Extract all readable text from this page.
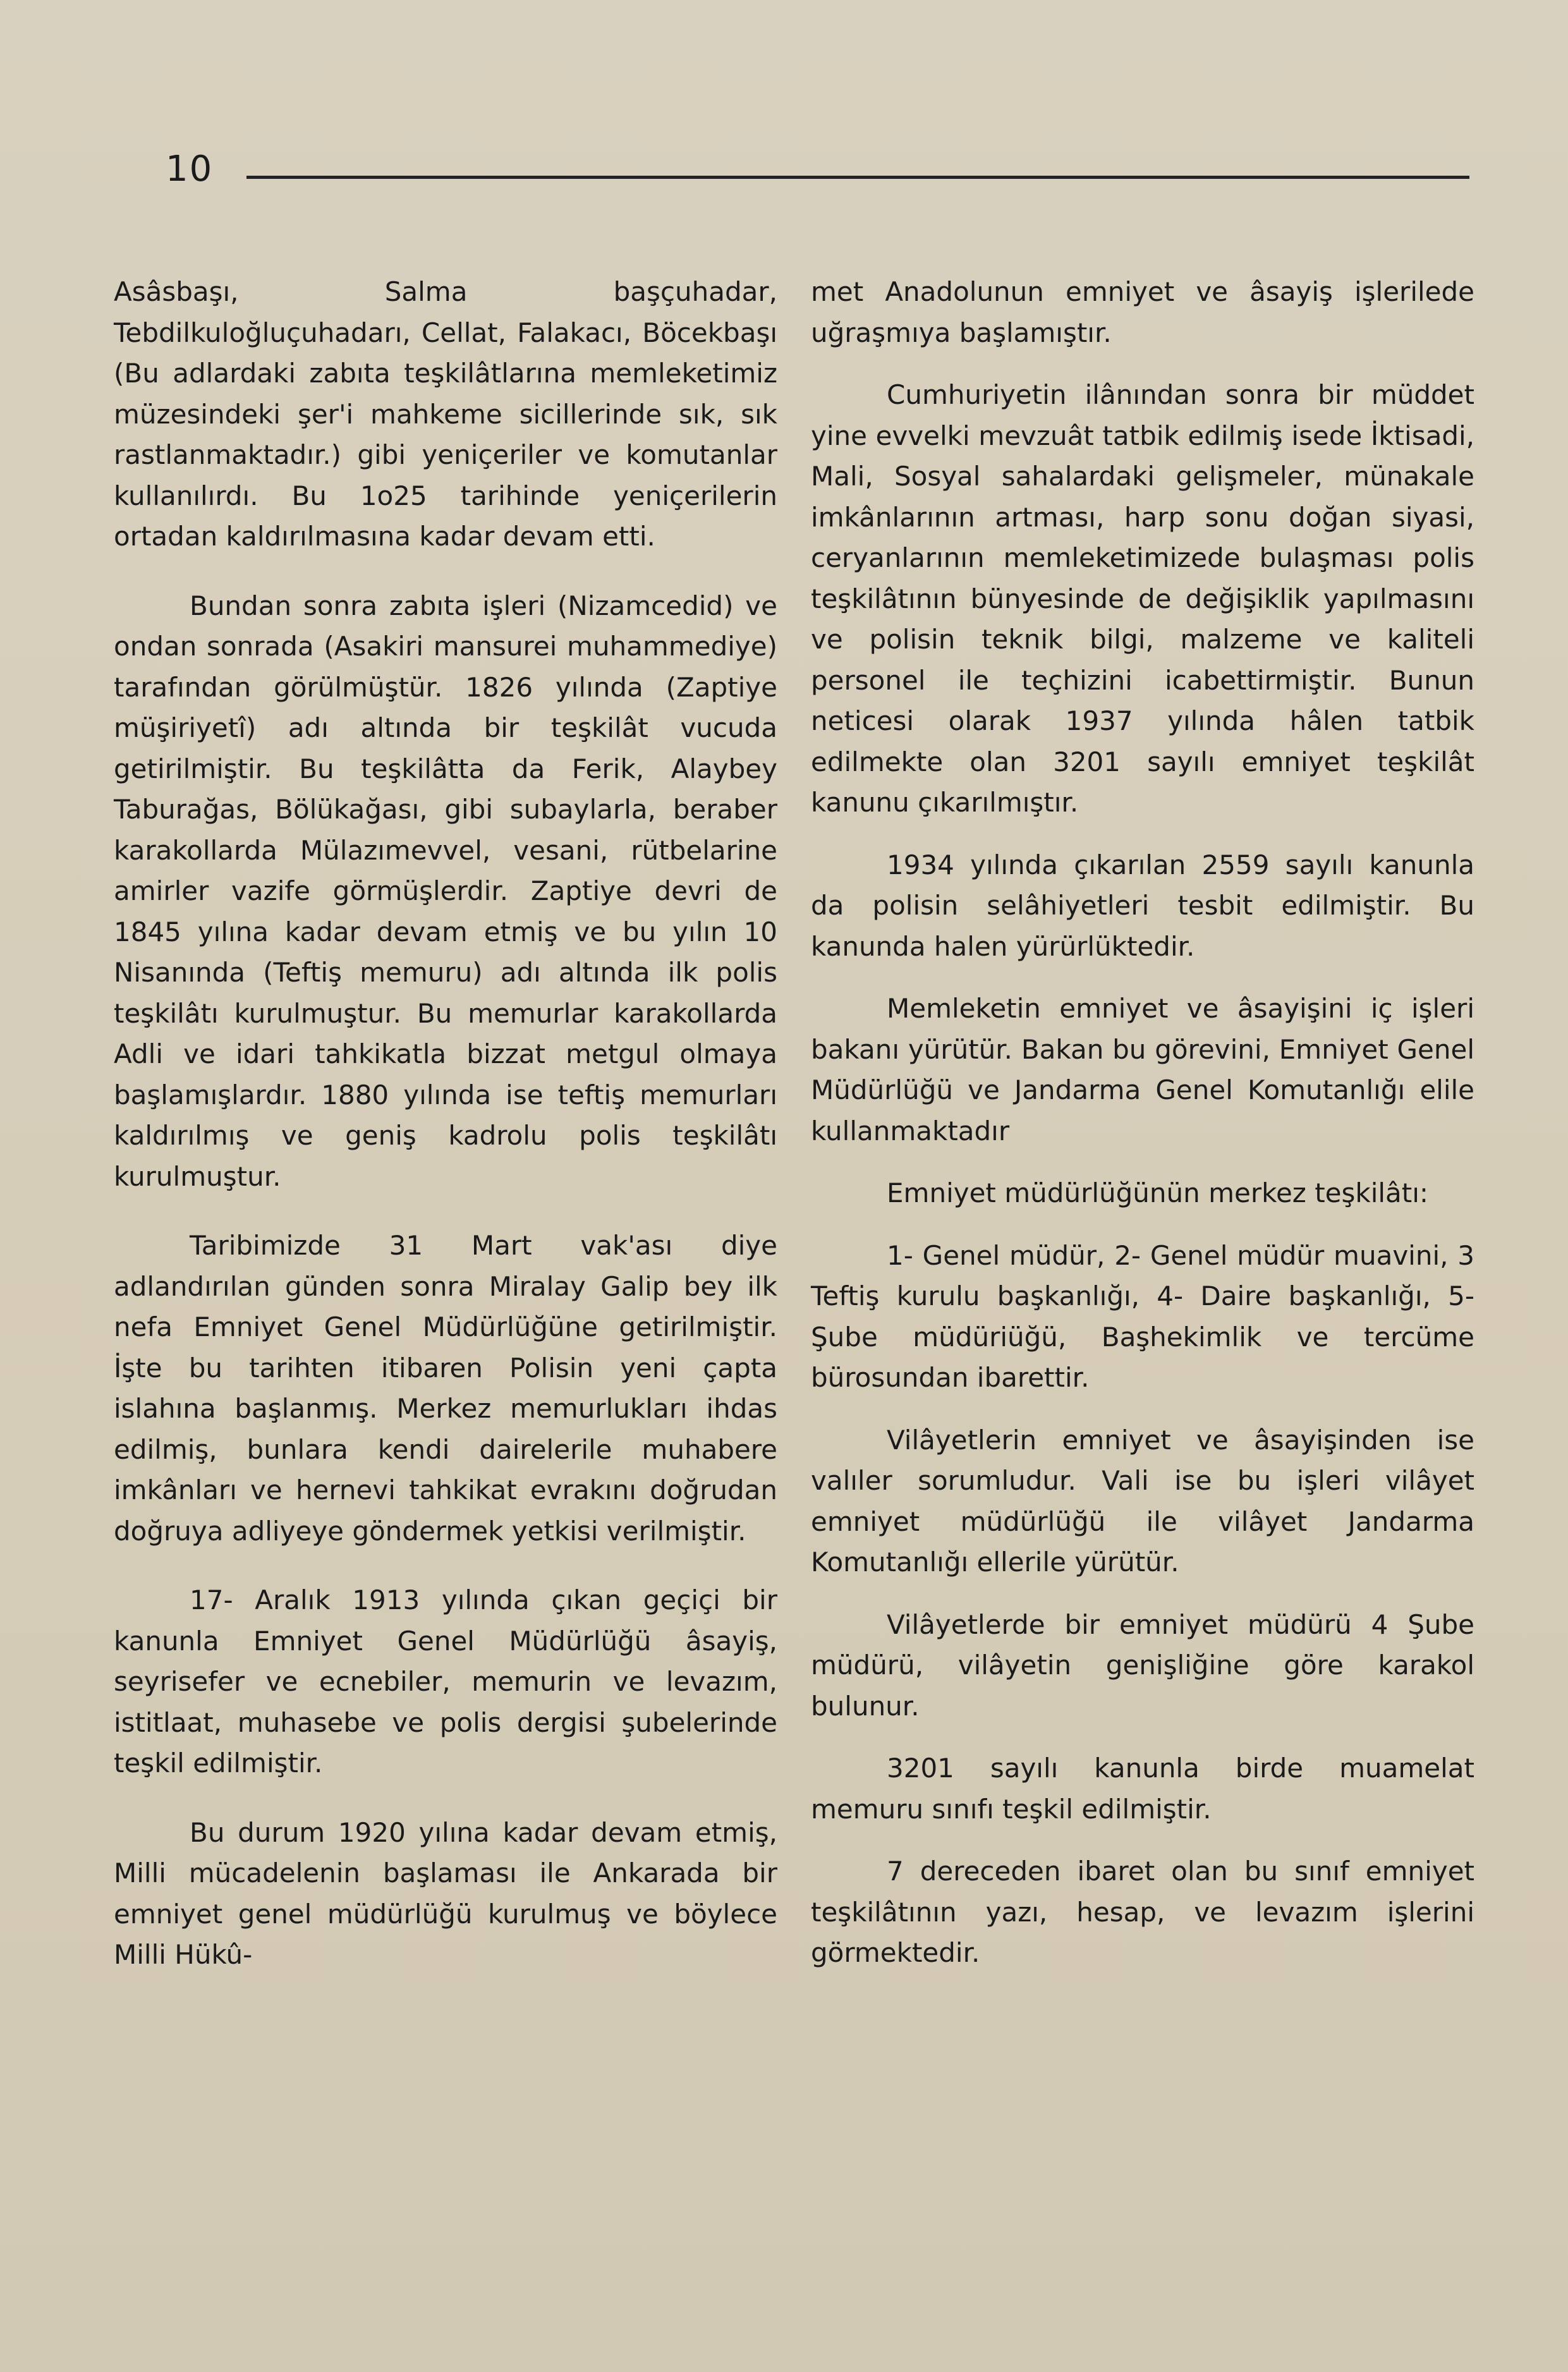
10

Asâsbaşı, Salma başçuhadar, Tebdilkuloğluçuhadarı, Cellat, Falakacı, Böcekbaşı (Bu adlardaki zabıta teşkilâtlarına memleketimiz müzesindeki şer'i mahkeme sicillerinde sık, sık rastlanmaktadır.) gibi yeniçeriler ve komutanlar kullanılırdı. Bu 1o25 tarihinde yeniçerilerin ortadan kaldırılmasına kadar devam etti.

Bundan sonra zabıta işleri (Nizamcedid) ve ondan sonrada (Asakiri mansurei muhammediye) tarafından görülmüştür. 1826 yılında (Zaptiye müşiriyetî) adı altında bir teşkilât vucuda getirilmiştir. Bu teşkilâtta da Ferik, Alaybey Taburağas, Bölükağası, gibi subaylarla, beraber karakollarda Mülazımevvel, vesani, rütbelarine amirler vazife görmüşlerdir. Zaptiye devri de 1845 yılına kadar devam etmiş ve bu yılın 10 Nisanında (Teftiş memuru) adı altında ilk polis teşkilâtı kurulmuştur. Bu memurlar karakollarda Adli ve idari tahkikatla bizzat metgul olmaya başlamışlardır. 1880 yılında ise teftiş memurları kaldırılmış ve geniş kadrolu polis teşkilâtı kurulmuştur.

Taribimizde 31 Mart vak'ası diye adlandırılan günden sonra Miralay Galip bey ilk nefa Emniyet Genel Müdürlüğüne getirilmiştir. İşte bu tarihten itibaren Polisin yeni çapta islahına başlanmış. Merkez memurlukları ihdas edilmiş, bunlara kendi dairelerile muhabere imkânları ve hernevi tahkikat evrakını doğrudan doğruya adliyeye göndermek yetkisi verilmiştir.

17- Aralık 1913 yılında çıkan geçiçi bir kanunla Emniyet Genel Müdürlüğü âsayiş, seyrisefer ve ecnebiler, memurin ve levazım, istitlaat, muhasebe ve polis dergisi şubelerinde teşkil edilmiştir.

Bu durum 1920 yılına kadar devam etmiş, Milli mücadelenin başlaması ile Ankarada bir emniyet genel müdürlüğü kurulmuş ve böylece Milli Hükû-

met Anadolunun emniyet ve âsayiş işlerilede uğraşmıya başlamıştır.

Cumhuriyetin ilânından sonra bir müddet yine evvelki mevzuât tatbik edilmiş isede İktisadi, Mali, Sosyal sahalardaki gelişmeler, münakale imkânlarının artması, harp sonu doğan siyasi, ceryanlarının memleketimizede bulaşması polis teşkilâtının bünyesinde de değişiklik yapılmasını ve polisin teknik bilgi, malzeme ve kaliteli personel ile teçhizini icabettirmiştir. Bunun neticesi olarak 1937 yılında hâlen tatbik edilmekte olan 3201 sayılı emniyet teşkilât kanunu çıkarılmıştır.

1934 yılında çıkarılan 2559 sayılı kanunla da polisin selâhiyetleri tesbit edilmiştir. Bu kanunda halen yürürlüktedir.

Memleketin emniyet ve âsayişini iç işleri bakanı yürütür. Bakan bu görevini, Emniyet Genel Müdürlüğü ve Jandarma Genel Komutanlığı elile kullanmaktadır

Emniyet müdürlüğünün merkez teşkilâtı:

1- Genel müdür, 2- Genel müdür muavini, 3 Teftiş kurulu başkanlığı, 4- Daire başkanlığı, 5- Şube müdüriüğü, Başhekimlik ve tercüme bürosundan ibarettir.

Vilâyetlerin emniyet ve âsayişinden ise valıler sorumludur. Vali ise bu işleri vilâyet emniyet müdürlüğü ile vilâyet Jandarma Komutanlığı ellerile yürütür.

Vilâyetlerde bir emniyet müdürü 4 Şube müdürü, vilâyetin genişliğine göre karakol bulunur.

3201 sayılı kanunla birde muamelat memuru sınıfı teşkil edilmiştir.

7 dereceden ibaret olan bu sınıf emniyet teşkilâtının yazı, hesap, ve levazım işlerini görmektedir.
